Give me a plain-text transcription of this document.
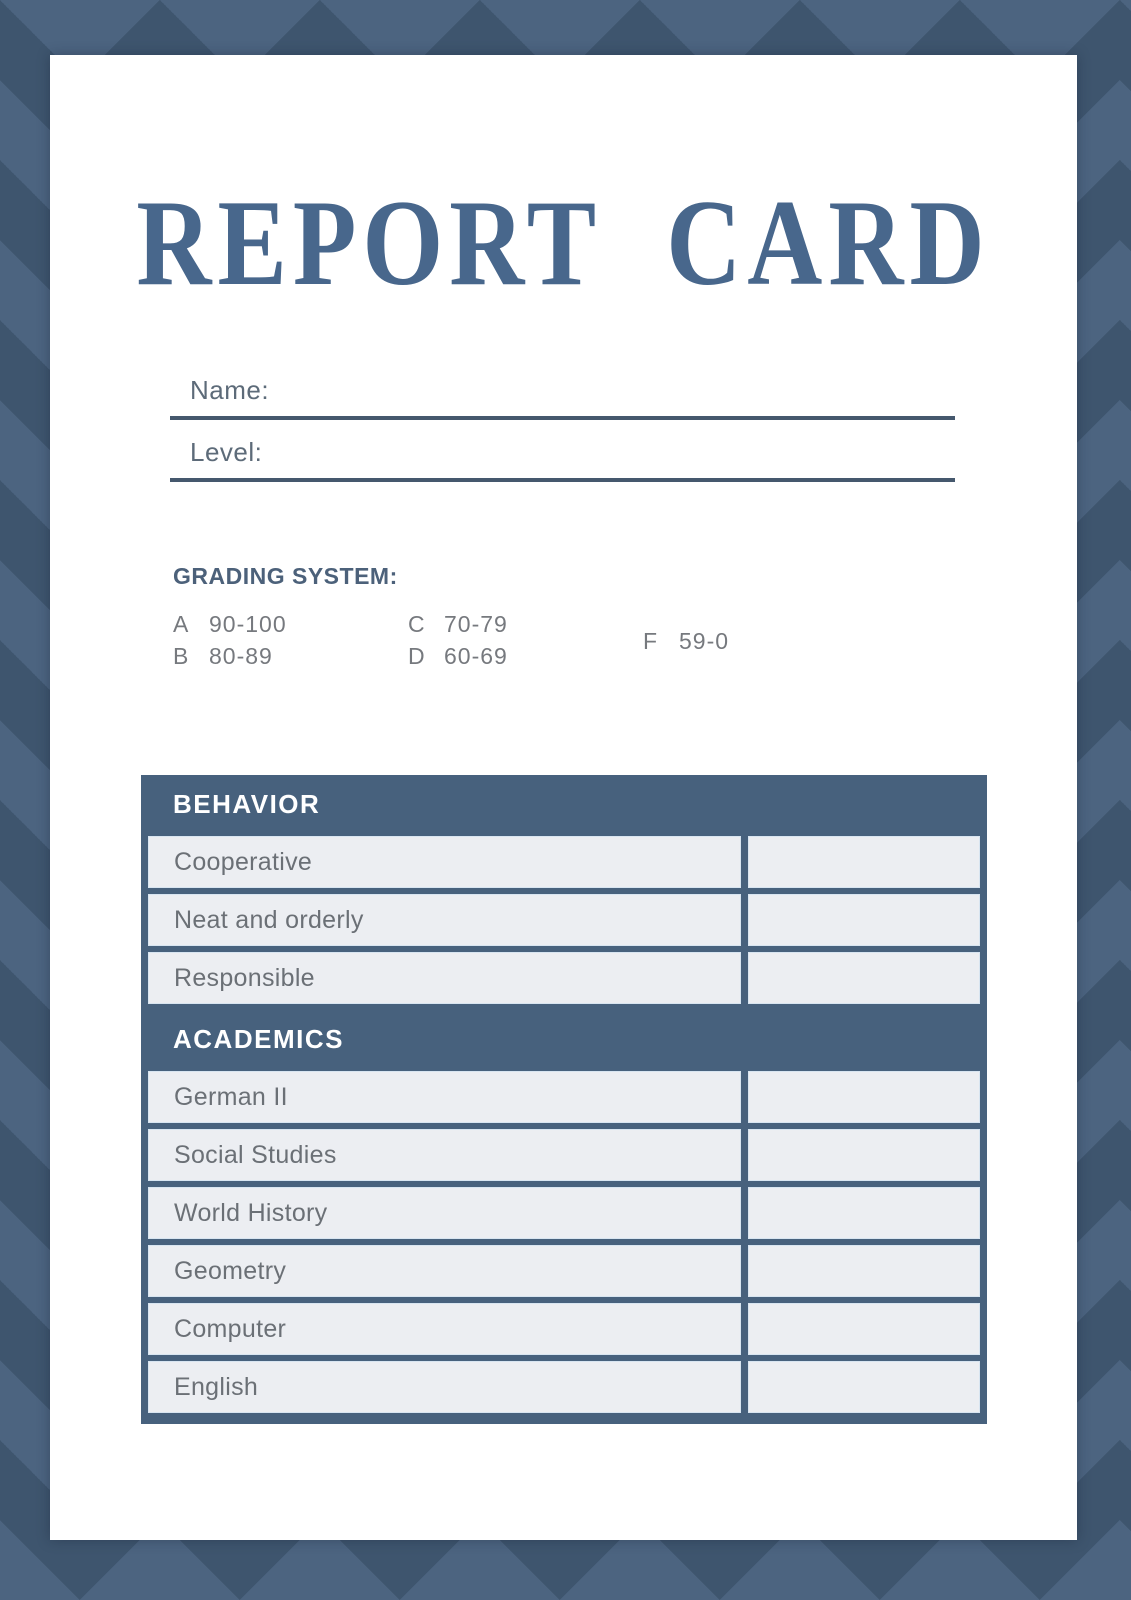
REPORT CARD
Name:
Level:
GRADING SYSTEM:
A 90-100
B 80-89
C 70-79
D 60-69
F 59-0
BEHAVIOR
Cooperative
Neat and orderly
Responsible
ACADEMICS
German II
Social Studies
World History
Geometry
Computer
English
